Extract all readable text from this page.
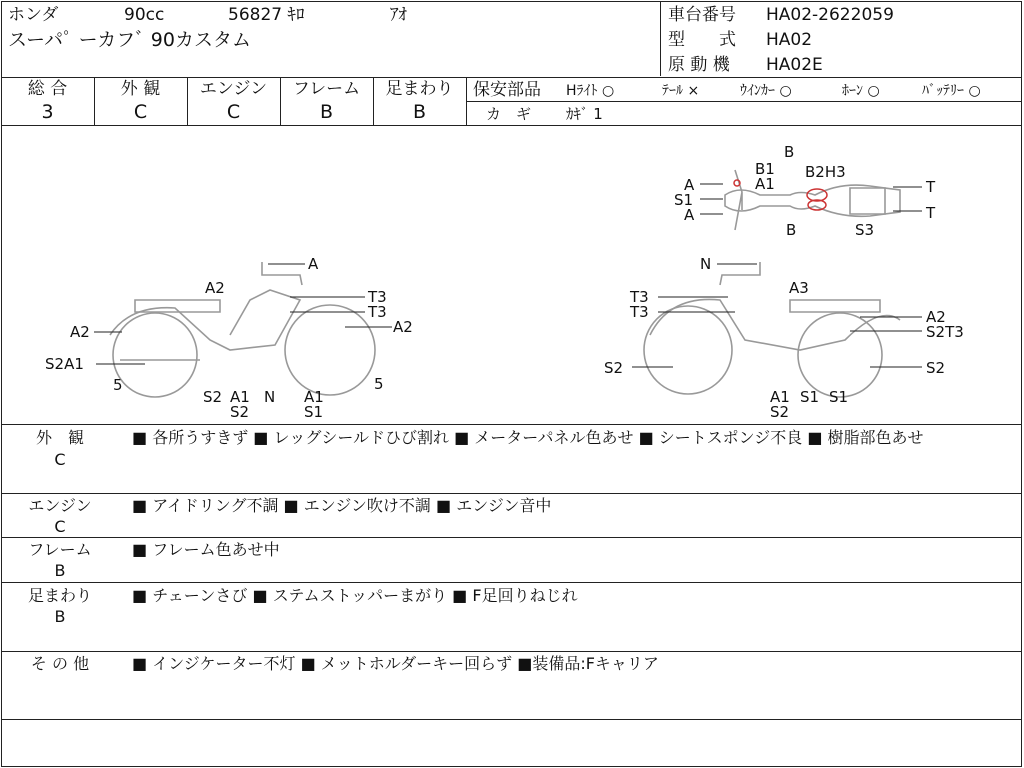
ホンダ	90cc	56827 ｷﾛ	ｱｵ
スーパﾟ ーカフﾞ 90カスタム
車台番号 HA02-2622059
型　　式 HA02
原 動 機 HA02E
総 合	外 観	エンジン	フレーム	足まわり
3	C	C	B	B
保安部品 Hﾗｲﾄ ○	ﾃｰﾙ ×	ｳｲﾝｶｰ ○	ﾎｰﾝ ○	ﾊﾞｯﾃﾘｰ ○
カ　ギ ｶｷﾞ 1
B
B1 B2H3
A	A1
S1
A
T
T
B	S3
A
A2	T3
T3
A2	A2
S2A1
5	5
S2 A1
S2
N A1
S1
N
A3
T3
T3	A2
S2T3
S2	S2
A1
S2
S1 S1
外　観
C
■ 各所うすきず ■ レッグシールドひび割れ ■ メーターパネル色あせ ■ シートスポンジ不良 ■ 樹脂部色あせ
エンジン
C
■ アイドリング不調 ■ エンジン吹け不調 ■ エンジン音中
フレーム
B
■ フレーム色あせ中
足まわり
B
■ チェーンさび ■ ステムストッパーまがり ■ F足回りねじれ
そ の 他	■ インジケーター不灯 ■ メットホルダーキー回らず ■装備品:Fキャリア
